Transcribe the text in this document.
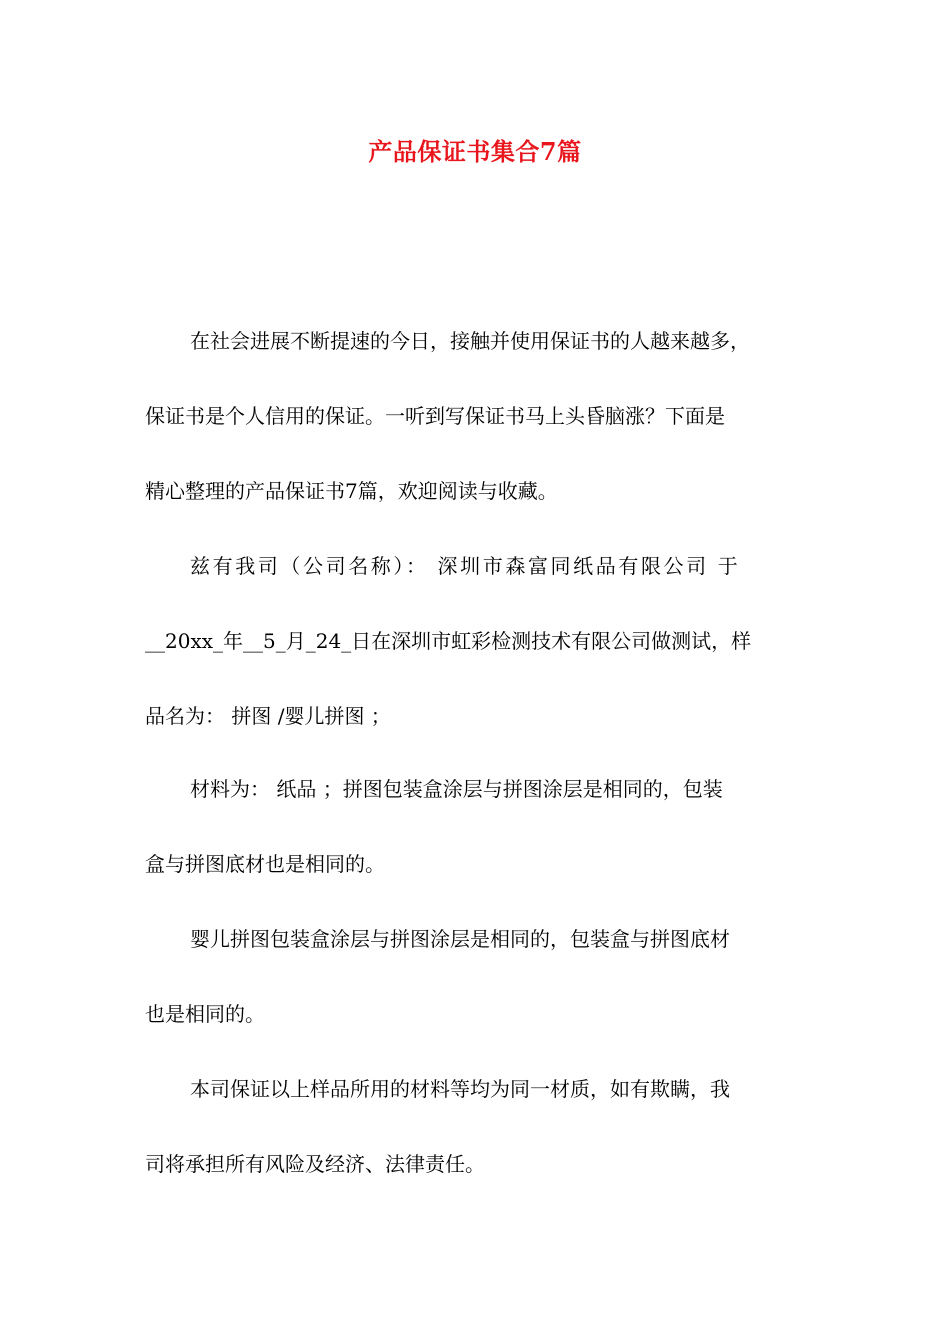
产品保证书集合7篇

在社会进展不断提速的今日，接触并使用保证书的人越来越多，

保证书是个人信用的保证。一听到写保证书马上头昏脑涨？下面是

精心整理的产品保证书7篇，欢迎阅读与收藏。

兹有我司（公司名称）： 深圳市森富同纸品有限公司 于

__20xx_年__5_月_24_日在深圳市虹彩检测技术有限公司做测试，样

品名为： 拼图 /婴儿拼图 ；

材料为： 纸品 ；拼图包装盒涂层与拼图涂层是相同的，包装

盒与拼图底材也是相同的。

婴儿拼图包装盒涂层与拼图涂层是相同的，包装盒与拼图底材

也是相同的。

本司保证以上样品所用的材料等均为同一材质，如有欺瞒，我

司将承担所有风险及经济、法律责任。
